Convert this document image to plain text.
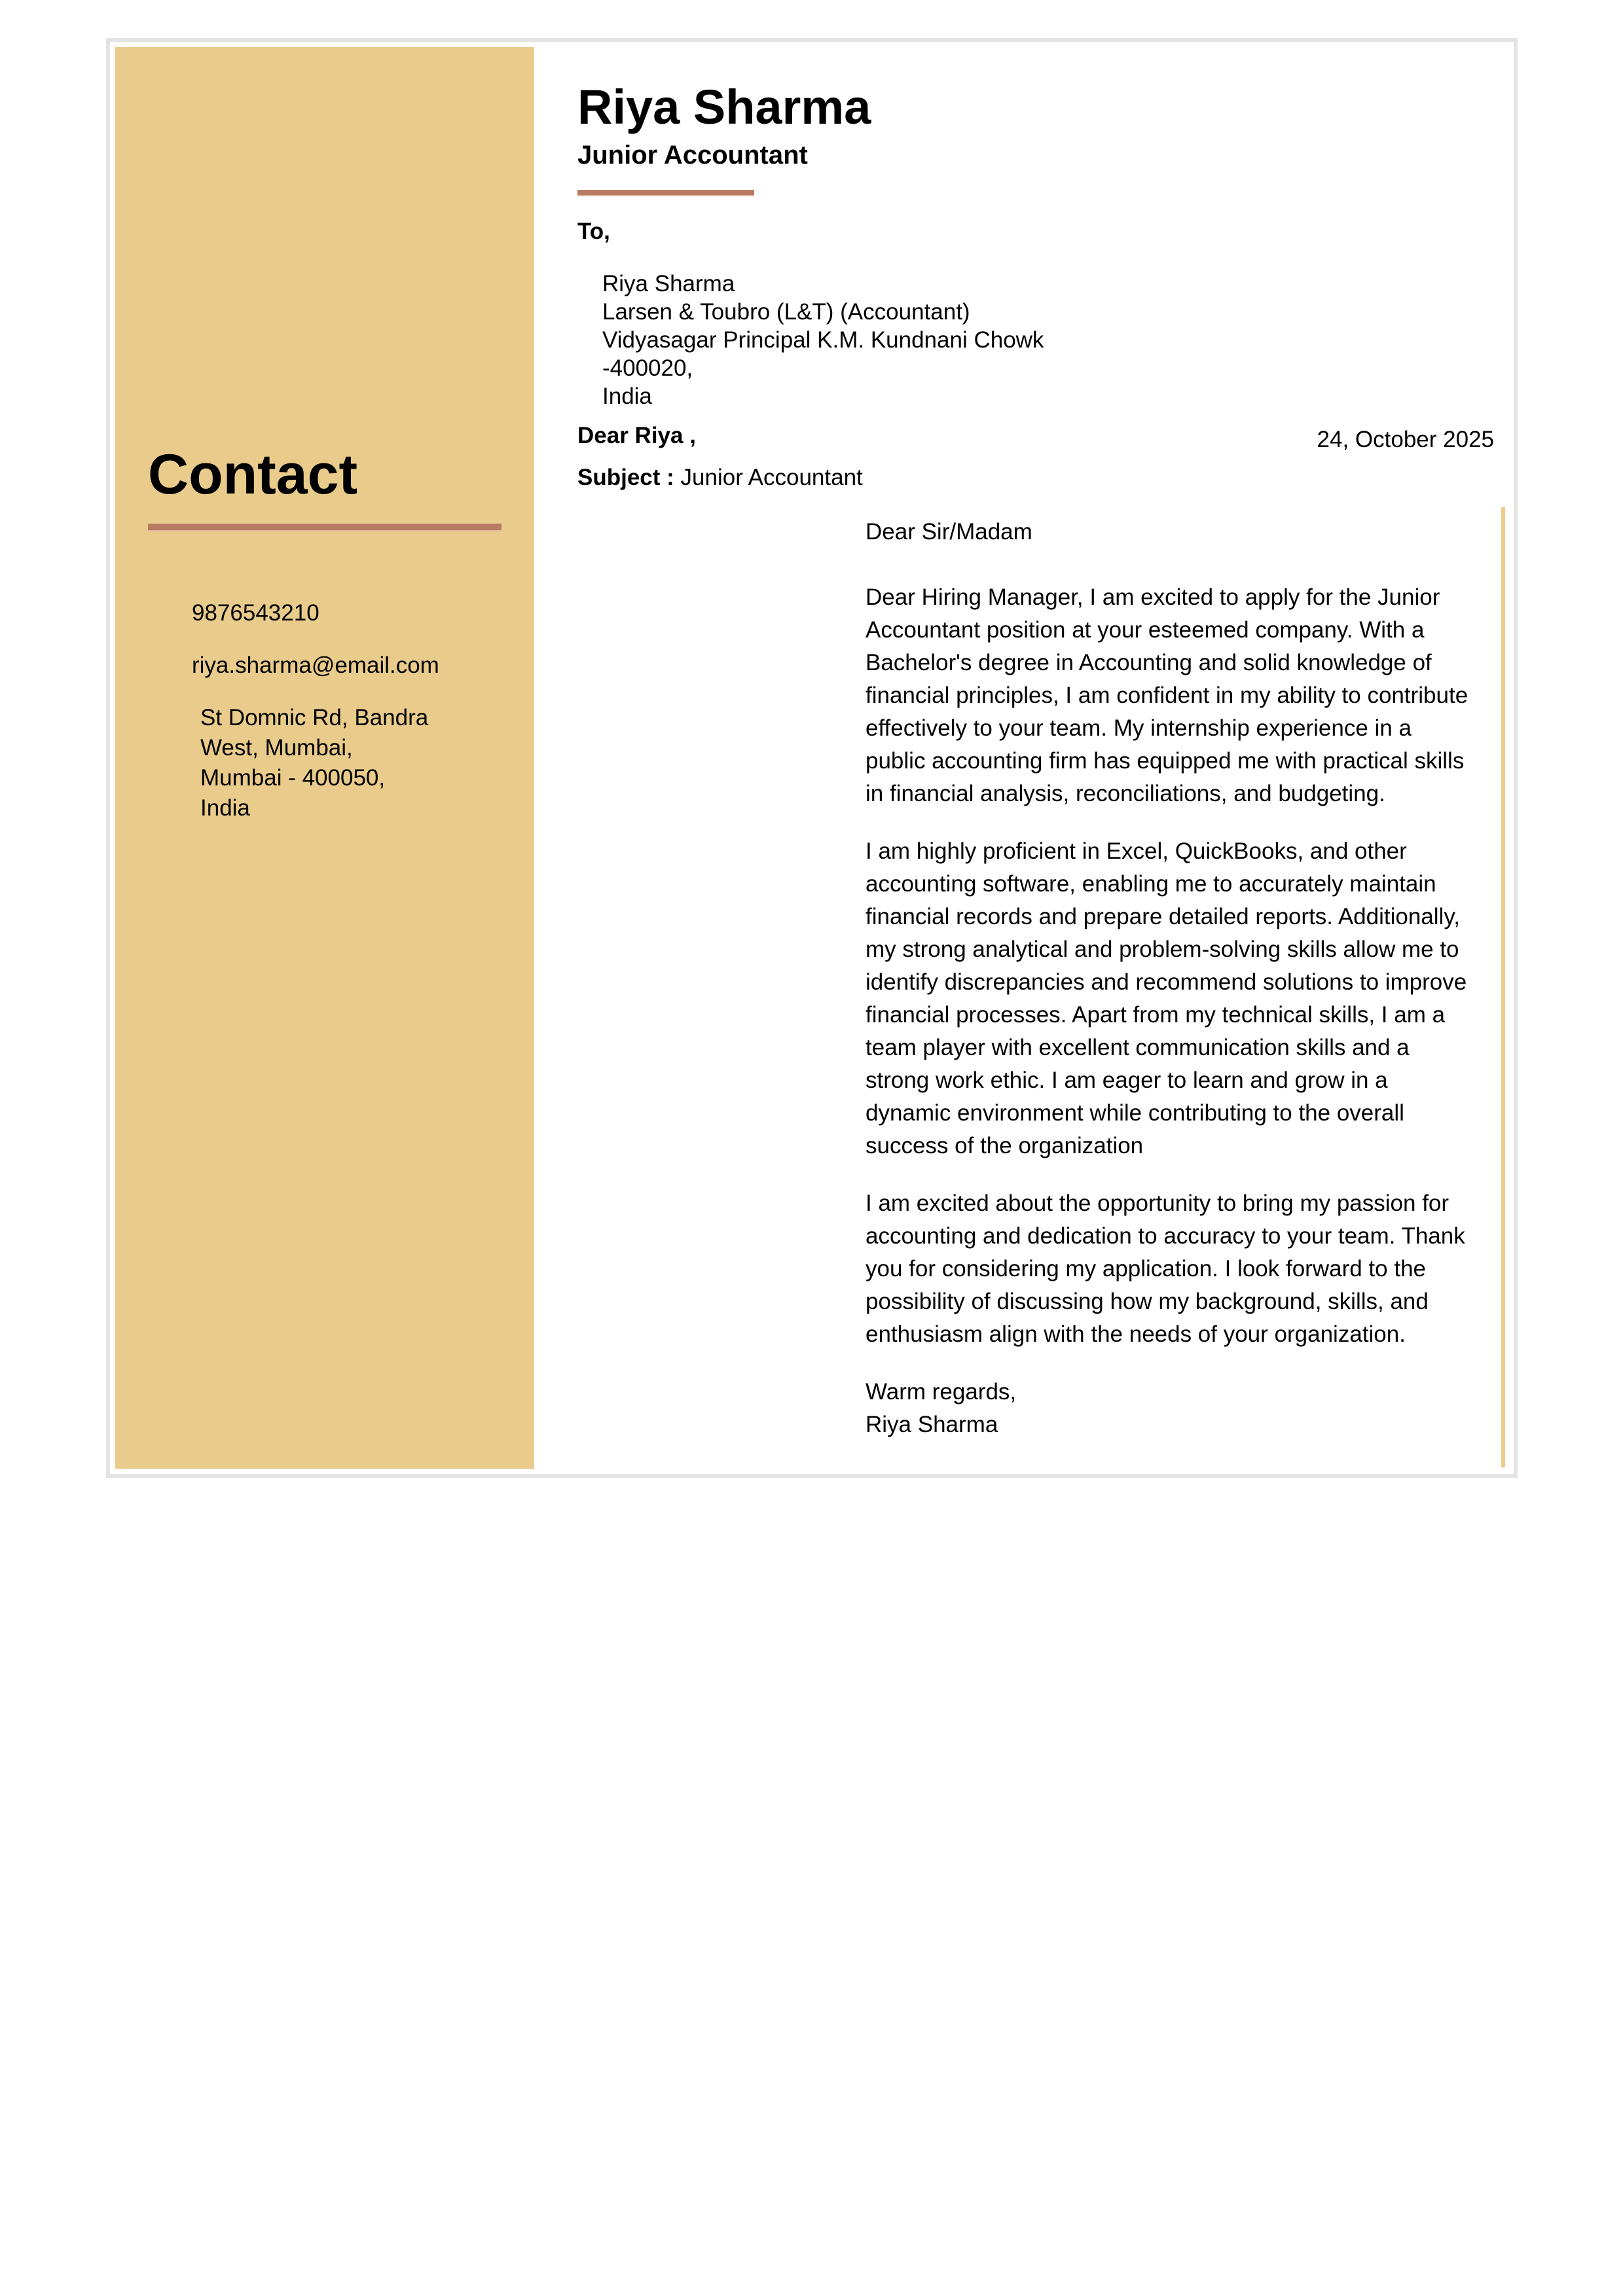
Contact

9876543210

riya.sharma@email.com

St Domnic Rd, Bandra
West, Mumbai,
Mumbai - 400050,
India

Riya Sharma

Junior Accountant

To,

Riya Sharma
Larsen & Toubro (L&T) (Accountant)
Vidyasagar Principal K.M. Kundnani Chowk
-400020,
India

Dear Riya ,	24, October 2025

Subject : Junior Accountant

Dear Sir/Madam

Dear Hiring Manager, I am excited to apply for the Junior Accountant position at your esteemed company. With a Bachelor's degree in Accounting and solid knowledge of financial principles, I am confident in my ability to contribute effectively to your team. My internship experience in a public accounting firm has equipped me with practical skills in financial analysis, reconciliations, and budgeting.

I am highly proficient in Excel, QuickBooks, and other accounting software, enabling me to accurately maintain financial records and prepare detailed reports. Additionally, my strong analytical and problem-solving skills allow me to identify discrepancies and recommend solutions to improve financial processes. Apart from my technical skills, I am a team player with excellent communication skills and a strong work ethic. I am eager to learn and grow in a dynamic environment while contributing to the overall success of the organization

I am excited about the opportunity to bring my passion for accounting and dedication to accuracy to your team. Thank you for considering my application. I look forward to the possibility of discussing how my background, skills, and enthusiasm align with the needs of your organization.

Warm regards,
Riya Sharma
